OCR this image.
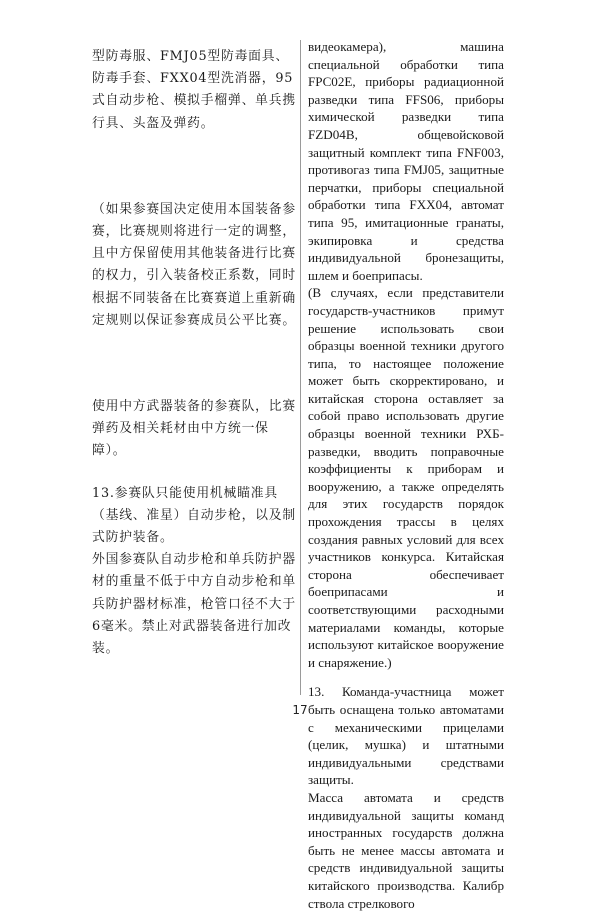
型防毒服、FMJ05型防毒面具、防毒手套、FXX04型洗消器，95式自动步枪、模拟手榴弹、单兵携行具、头盔及弹药。

（如果参赛国决定使用本国装备参赛，比赛规则将进行一定的调整，且中方保留使用其他装备进行比赛的权力，引入装备校正系数，同时根据不同装备在比赛赛道上重新确定规则以保证参赛成员公平比赛。

使用中方武器装备的参赛队，比赛弹药及相关耗材由中方统一保障）。

13.参赛队只能使用机械瞄准具（基线、准星）自动步枪，以及制式防护装备。

外国参赛队自动步枪和单兵防护器材的重量不低于中方自动步枪和单兵防护器材标准，枪管口径不大于6毫米。禁止对武器装备进行加改装。

видеокамера), машина специальной обработки типа FPC02E, приборы радиационной разведки типа FFS06, приборы химической разведки типа FZD04B, общевойсковой защитный комплект типа FNF003, противогаз типа FMJ05, защитные перчатки, приборы специальной обработки типа FXX04, автомат типа 95, имитационные гранаты, экипировка и средства индивидуальной бронезащиты, шлем и боеприпасы.

(В случаях, если представители государств-участников примут решение использовать свои образцы военной техники другого типа, то настоящее положение может быть скорректировано, и китайская сторона оставляет за собой право использовать другие образцы военной техники РХБ-разведки, вводить поправочные коэффициенты к приборам и вооружению, а также определять для этих государств порядок прохождения трассы в целях создания равных условий для всех участников конкурса. Китайская сторона обеспечивает боеприпасами и соответствующими расходными материалами команды, которые используют китайское вооружение и снаряжение.)

13. Команда-участница может быть оснащена только автоматами с механическими прицелами (целик, мушка) и штатными индивидуальными средствами защиты.

Масса автомата и средств индивидуальной защиты команд иностранных государств должна быть не менее массы автомата и средств индивидуальной защиты китайского производства. Калибр ствола стрелкового

17
